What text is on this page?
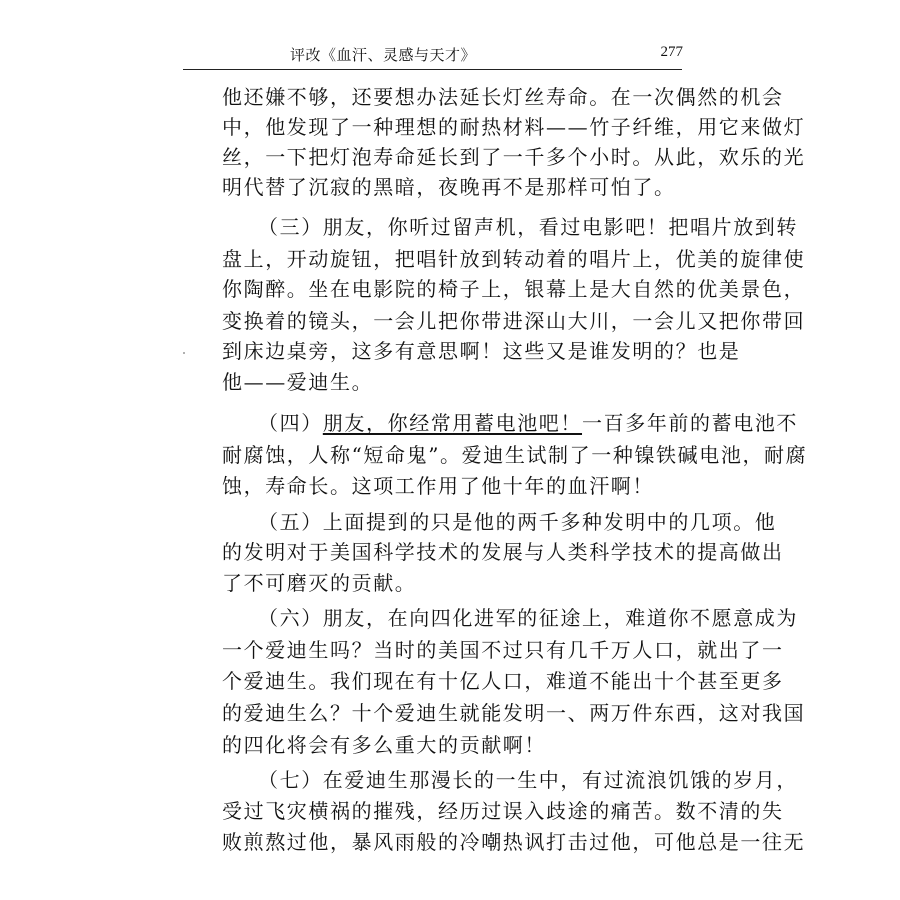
评改《血汗、灵感与天才》	277
他还嫌不够，还要想办法延长灯丝寿命。在一次偶然的机会
中，他发现了一种理想的耐热材料——竹子纤维，用它来做灯
丝，一下把灯泡寿命延长到了一千多个小时。从此，欢乐的光
明代替了沉寂的黑暗，夜晚再不是那样可怕了。
（三）朋友，你听过留声机，看过电影吧！把唱片放到转
盘上，开动旋钮，把唱针放到转动着的唱片上，优美的旋律使
你陶醉。坐在电影院的椅子上，银幕上是大自然的优美景色，
变换着的镜头，一会儿把你带进深山大川，一会儿又把你带回
到床边桌旁，这多有意思啊！这些又是谁发明的？也是
他——爱迪生。
（四）朋友，你经常用蓄电池吧！一百多年前的蓄电池不
耐腐蚀，人称“短命鬼”。爱迪生试制了一种镍铁碱电池，耐腐
蚀，寿命长。这项工作用了他十年的血汗啊！
（五）上面提到的只是他的两千多种发明中的几项。他
的发明对于美国科学技术的发展与人类科学技术的提高做出
了不可磨灭的贡献。
（六）朋友，在向四化进军的征途上，难道你不愿意成为
一个爱迪生吗？当时的美国不过只有几千万人口，就出了一
个爱迪生。我们现在有十亿人口，难道不能出十个甚至更多
的爱迪生么？十个爱迪生就能发明一、两万件东西，这对我国
的四化将会有多么重大的贡献啊！
（七）在爱迪生那漫长的一生中，有过流浪饥饿的岁月，
受过飞灾横祸的摧残，经历过误入歧途的痛苦。数不清的失
败煎熬过他，暴风雨般的冷嘲热讽打击过他，可他总是一往无
